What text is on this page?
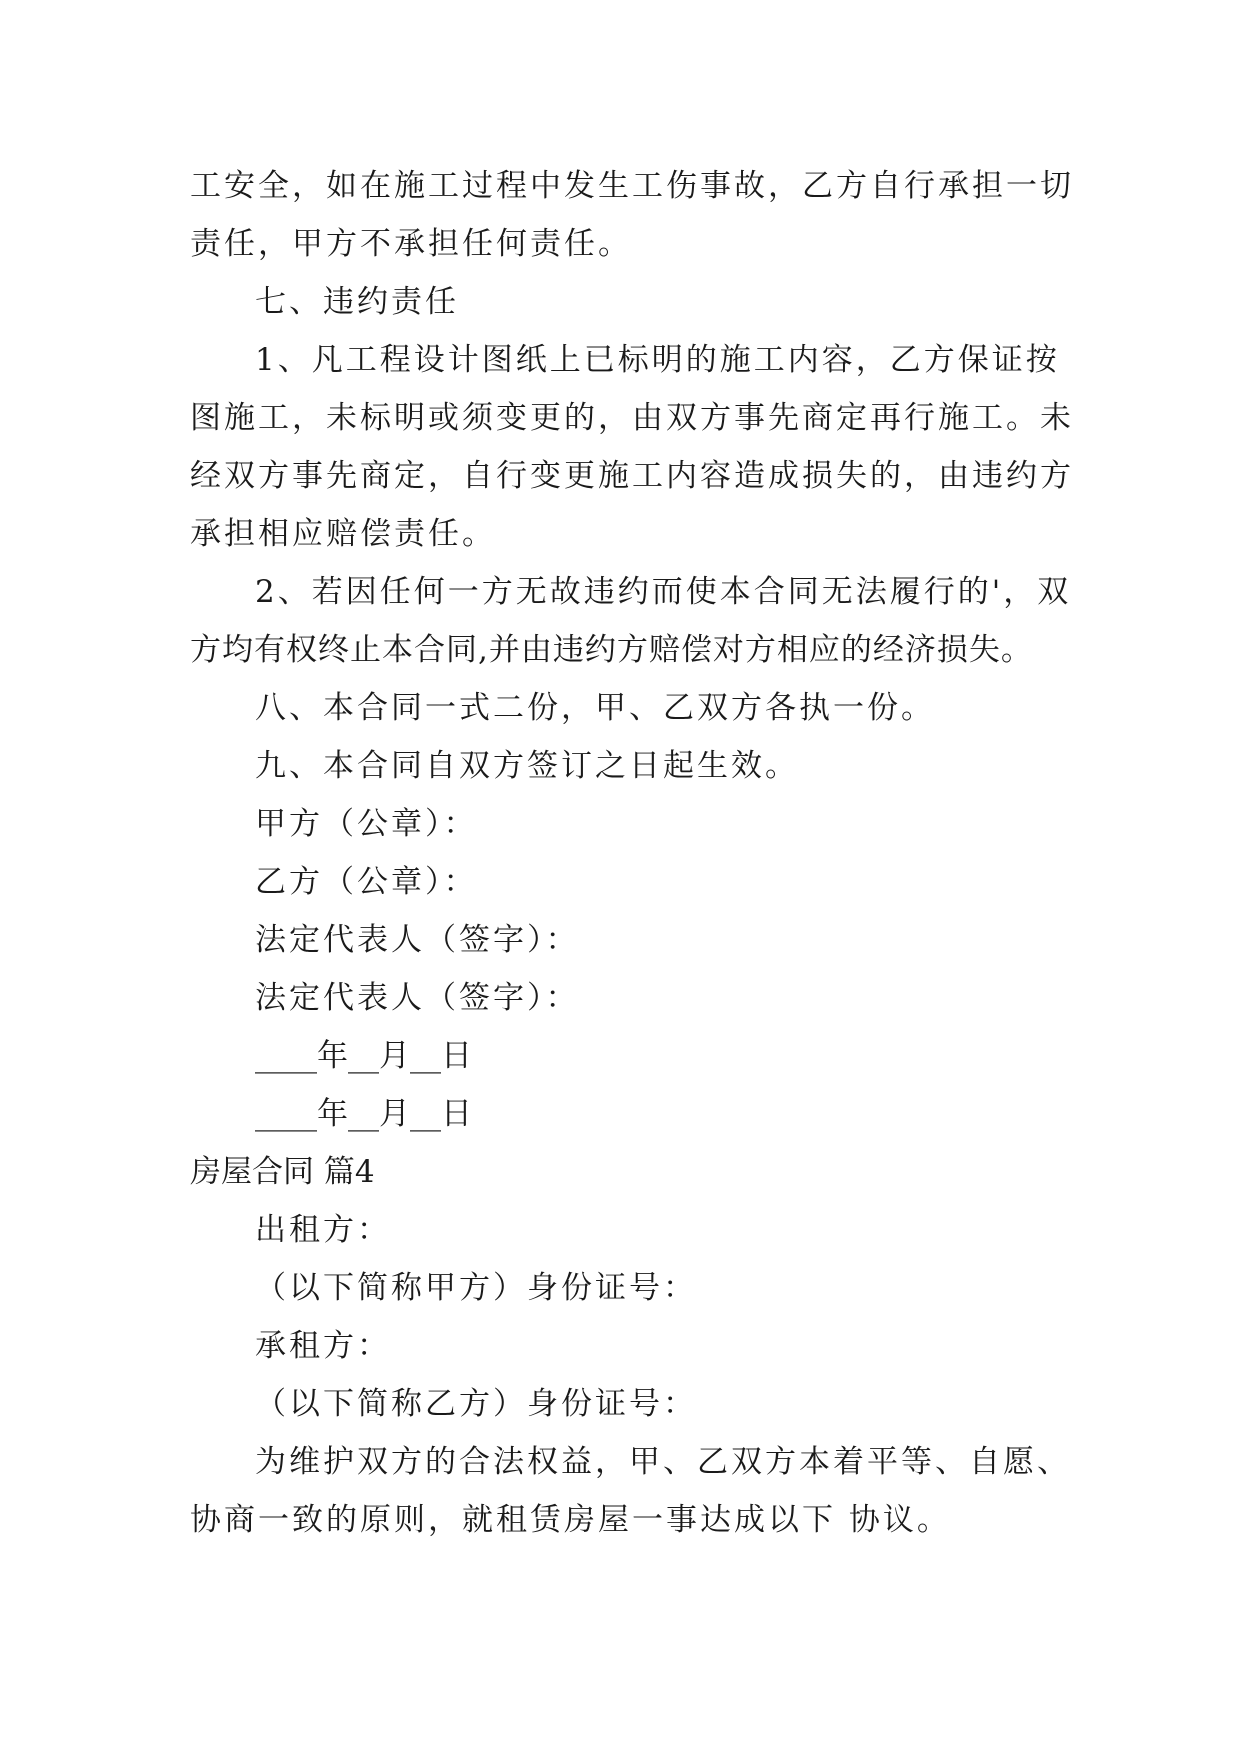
工安全，如在施工过程中发生工伤事故，乙方自行承担一切
责任，甲方不承担任何责任。
七、违约责任
1、凡工程设计图纸上已标明的施工内容，乙方保证按
图施工，未标明或须变更的，由双方事先商定再行施工。未
经双方事先商定，自行变更施工内容造成损失的，由违约方
承担相应赔偿责任。
2、若因任何一方无故违约而使本合同无法履行的'，双
方均有权终止本合同,并由违约方赔偿对方相应的经济损失。
八、本合同一式二份，甲、乙双方各执一份。
九、本合同自双方签订之日起生效。
甲方（公章）：
乙方（公章）：
法定代表人（签字）：
法定代表人（签字）：
____年__月__日
____年__月__日
房屋合同 篇4
出租方：
（以下简称甲方）身份证号：
承租方：
（以下简称乙方）身份证号：
为维护双方的合法权益，甲、乙双方本着平等、自愿、
协商一致的原则，就租赁房屋一事达成以下 协议。
